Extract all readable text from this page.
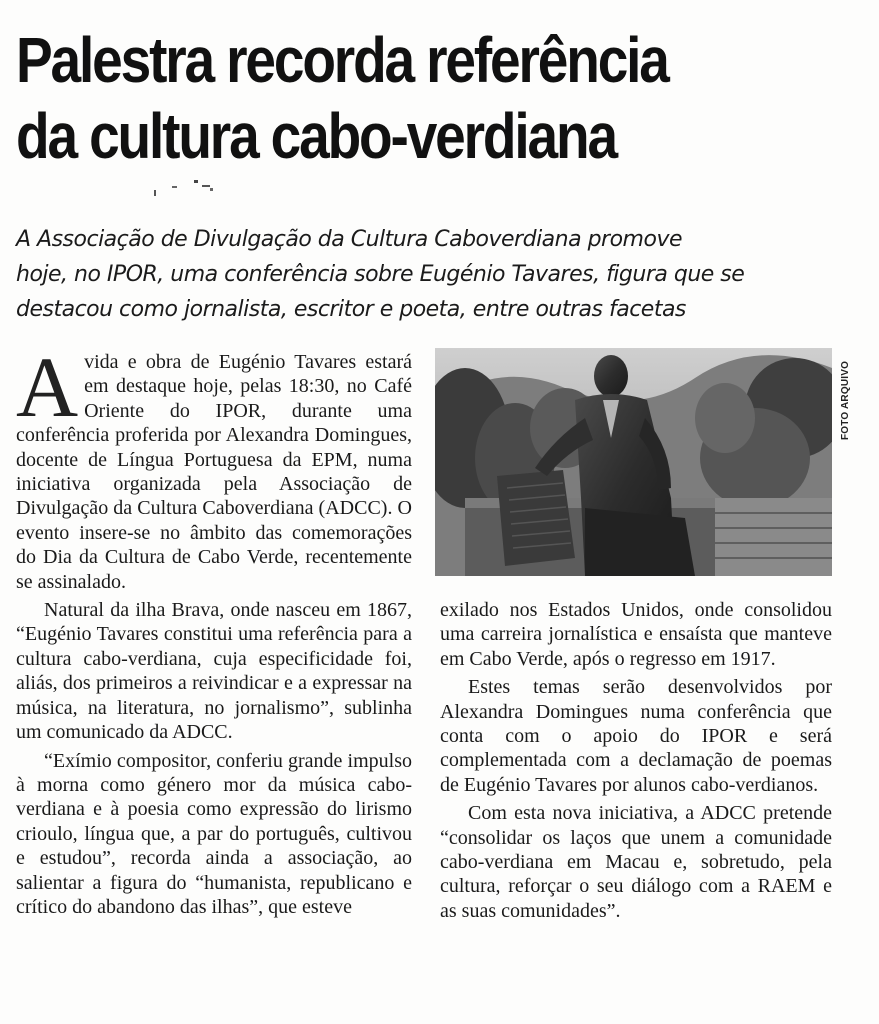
Palestra recorda referência
da cultura cabo-verdiana

A Associação de Divulgação da Cultura Caboverdiana promove
hoje, no IPOR, uma conferência sobre Eugénio Tavares, figura que se
destacou como jornalista, escritor e poeta, entre outras facetas

Avida e obra de Eugénio Tavares estará em destaque hoje, pelas 18:30, no Café Oriente do IPOR, durante uma conferência proferida por Alexandra Domingues, docente de Língua Portuguesa da EPM, numa iniciativa organizada pela Associação de Divulgação da Cultura Caboverdiana (ADCC). O evento insere-se no âmbito das comemorações do Dia da Cultura de Cabo Verde, recentemente se assinalado.

Natural da ilha Brava, onde nasceu em 1867, “Eugénio Tavares constitui uma referência para a cultura cabo-verdiana, cuja especificidade foi, aliás, dos primeiros a reivindicar e a expressar na música, na literatura, no jornalismo”, sublinha um comunicado da ADCC.

“Exímio compositor, conferiu grande impulso à morna como género mor da música cabo-verdiana e à poesia como expressão do lirismo crioulo, língua que, a par do português, cultivou e estudou”, recorda ainda a associação, ao salientar a figura do “humanista, republicano e crítico do abandono das ilhas”, que esteve

FOTO ARQUIVO

exilado nos Estados Unidos, onde consolidou uma carreira jornalística e ensaísta que manteve em Cabo Verde, após o regresso em 1917.

Estes temas serão desenvolvidos por Alexandra Domingues numa conferência que conta com o apoio do IPOR e será complementada com a declamação de poemas de Eugénio Tavares por alunos cabo-verdianos.

Com esta nova iniciativa, a ADCC pretende “consolidar os laços que unem a comunidade cabo-verdiana em Macau e, sobretudo, pela cultura, reforçar o seu diálogo com a RAEM e as suas comunidades”.
